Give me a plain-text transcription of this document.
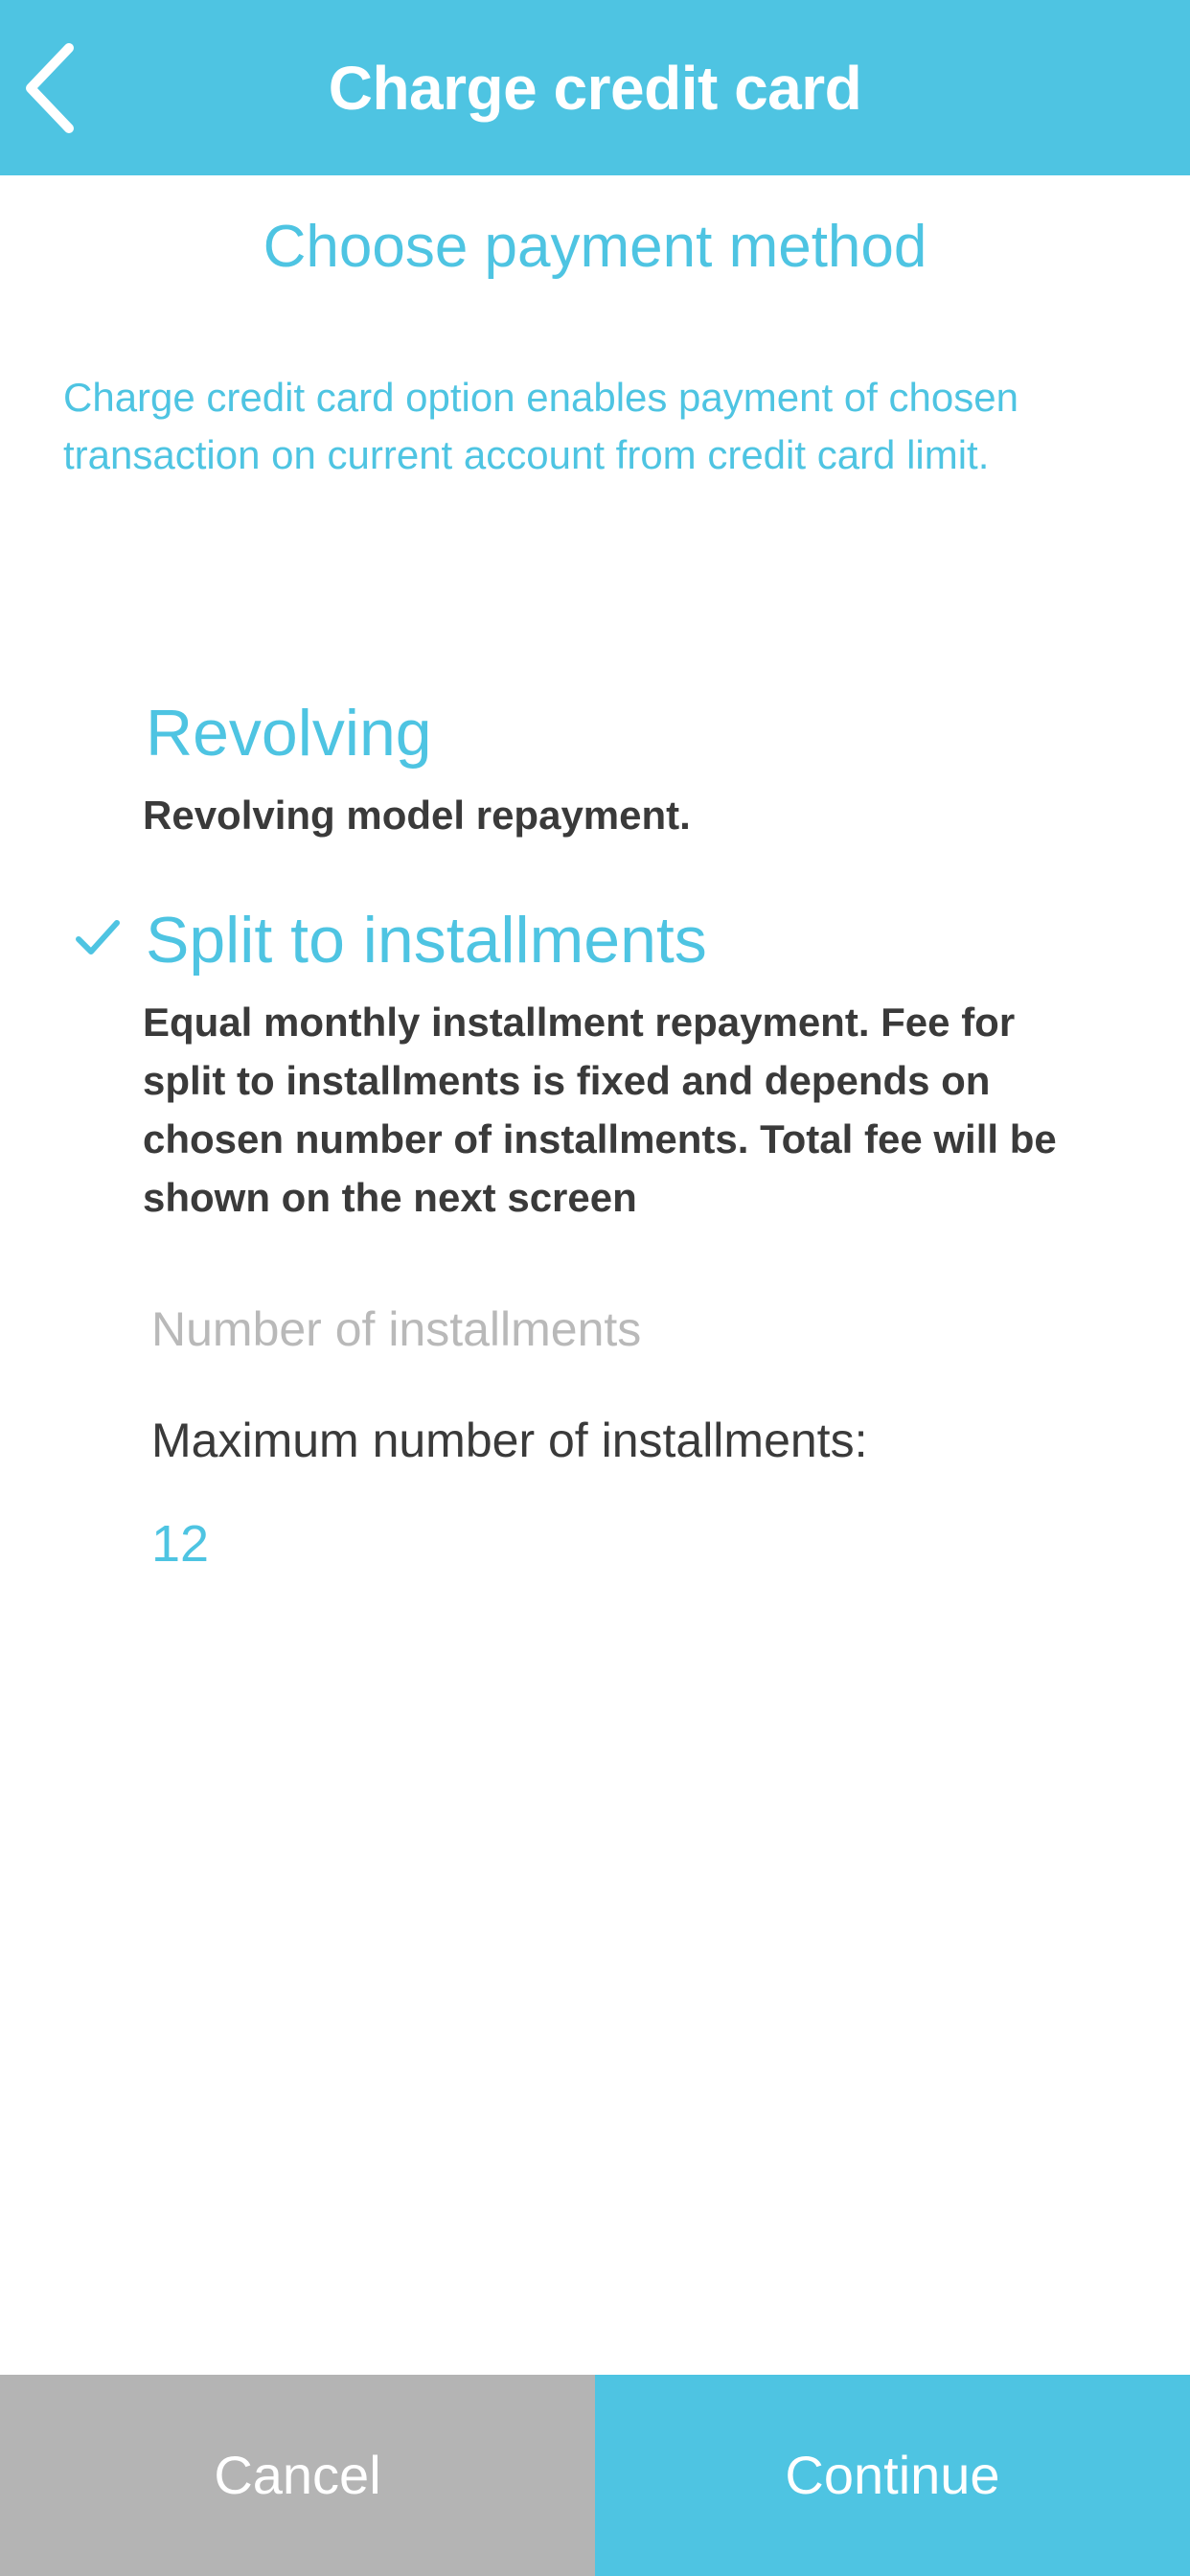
Charge credit card
Choose payment method
Charge credit card option enables payment of chosen transaction on current account from credit card limit.
Revolving
Revolving model repayment.
Split to installments
Equal monthly installment repayment. Fee for split to installments is fixed and depends on chosen number of installments. Total fee will be shown on the next screen
Number of installments
Maximum number of installments:
12
Cancel	Continue
